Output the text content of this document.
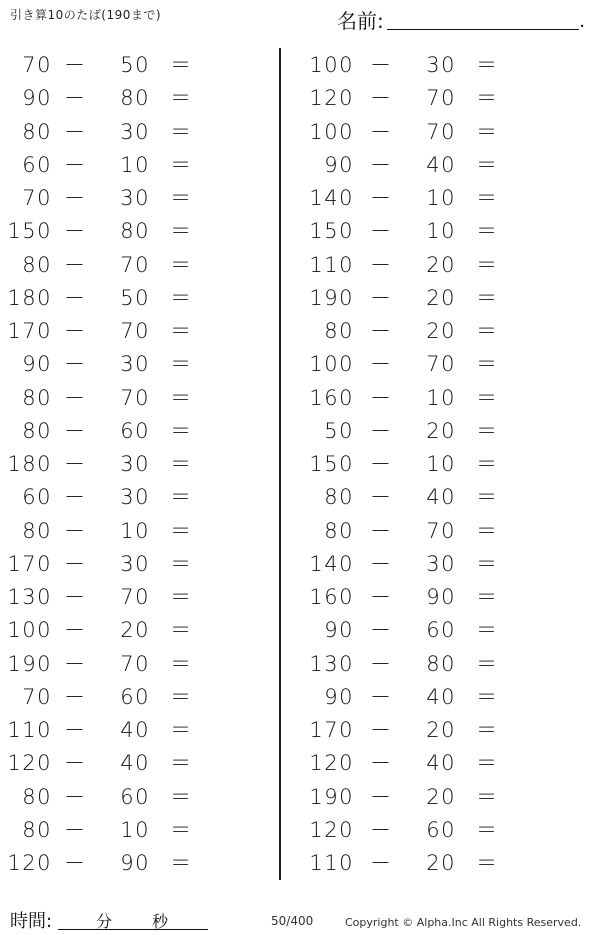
引き算10のたば(190まで)	名前:	.
70 －	50 ＝
90 －	80 ＝
80 －	30 ＝
60 －	10 ＝
70 －	30 ＝
150 －	80 ＝
80 －	70 ＝
180 －	50 ＝
170 －	70 ＝
90 －	30 ＝
80 －	70 ＝
80 －	60 ＝
180 －	30 ＝
60 －	30 ＝
80 －	10 ＝
170 －	30 ＝
130 －	70 ＝
100 －	20 ＝
190 －	70 ＝
70 －	60 ＝
110 －	40 ＝
120 －	40 ＝
80 －	60 ＝
80 －	10 ＝
120 －	90 ＝
100 －	30 ＝
120 －	70 ＝
100 －	70 ＝
90 －	40 ＝
140 －	10 ＝
150 －	10 ＝
110 －	20 ＝
190 －	20 ＝
80 －	20 ＝
100 －	70 ＝
160 －	10 ＝
50 －	20 ＝
150 －	10 ＝
80 －	40 ＝
80 －	70 ＝
140 －	30 ＝
160 －	90 ＝
90 －	60 ＝
130 －	80 ＝
90 －	40 ＝
170 －	20 ＝
120 －	40 ＝
190 －	20 ＝
120 －	60 ＝
110 －	20 ＝
時間:	分 秒	50/400	Copyright © Alpha.Inc All Rights Reserved.
